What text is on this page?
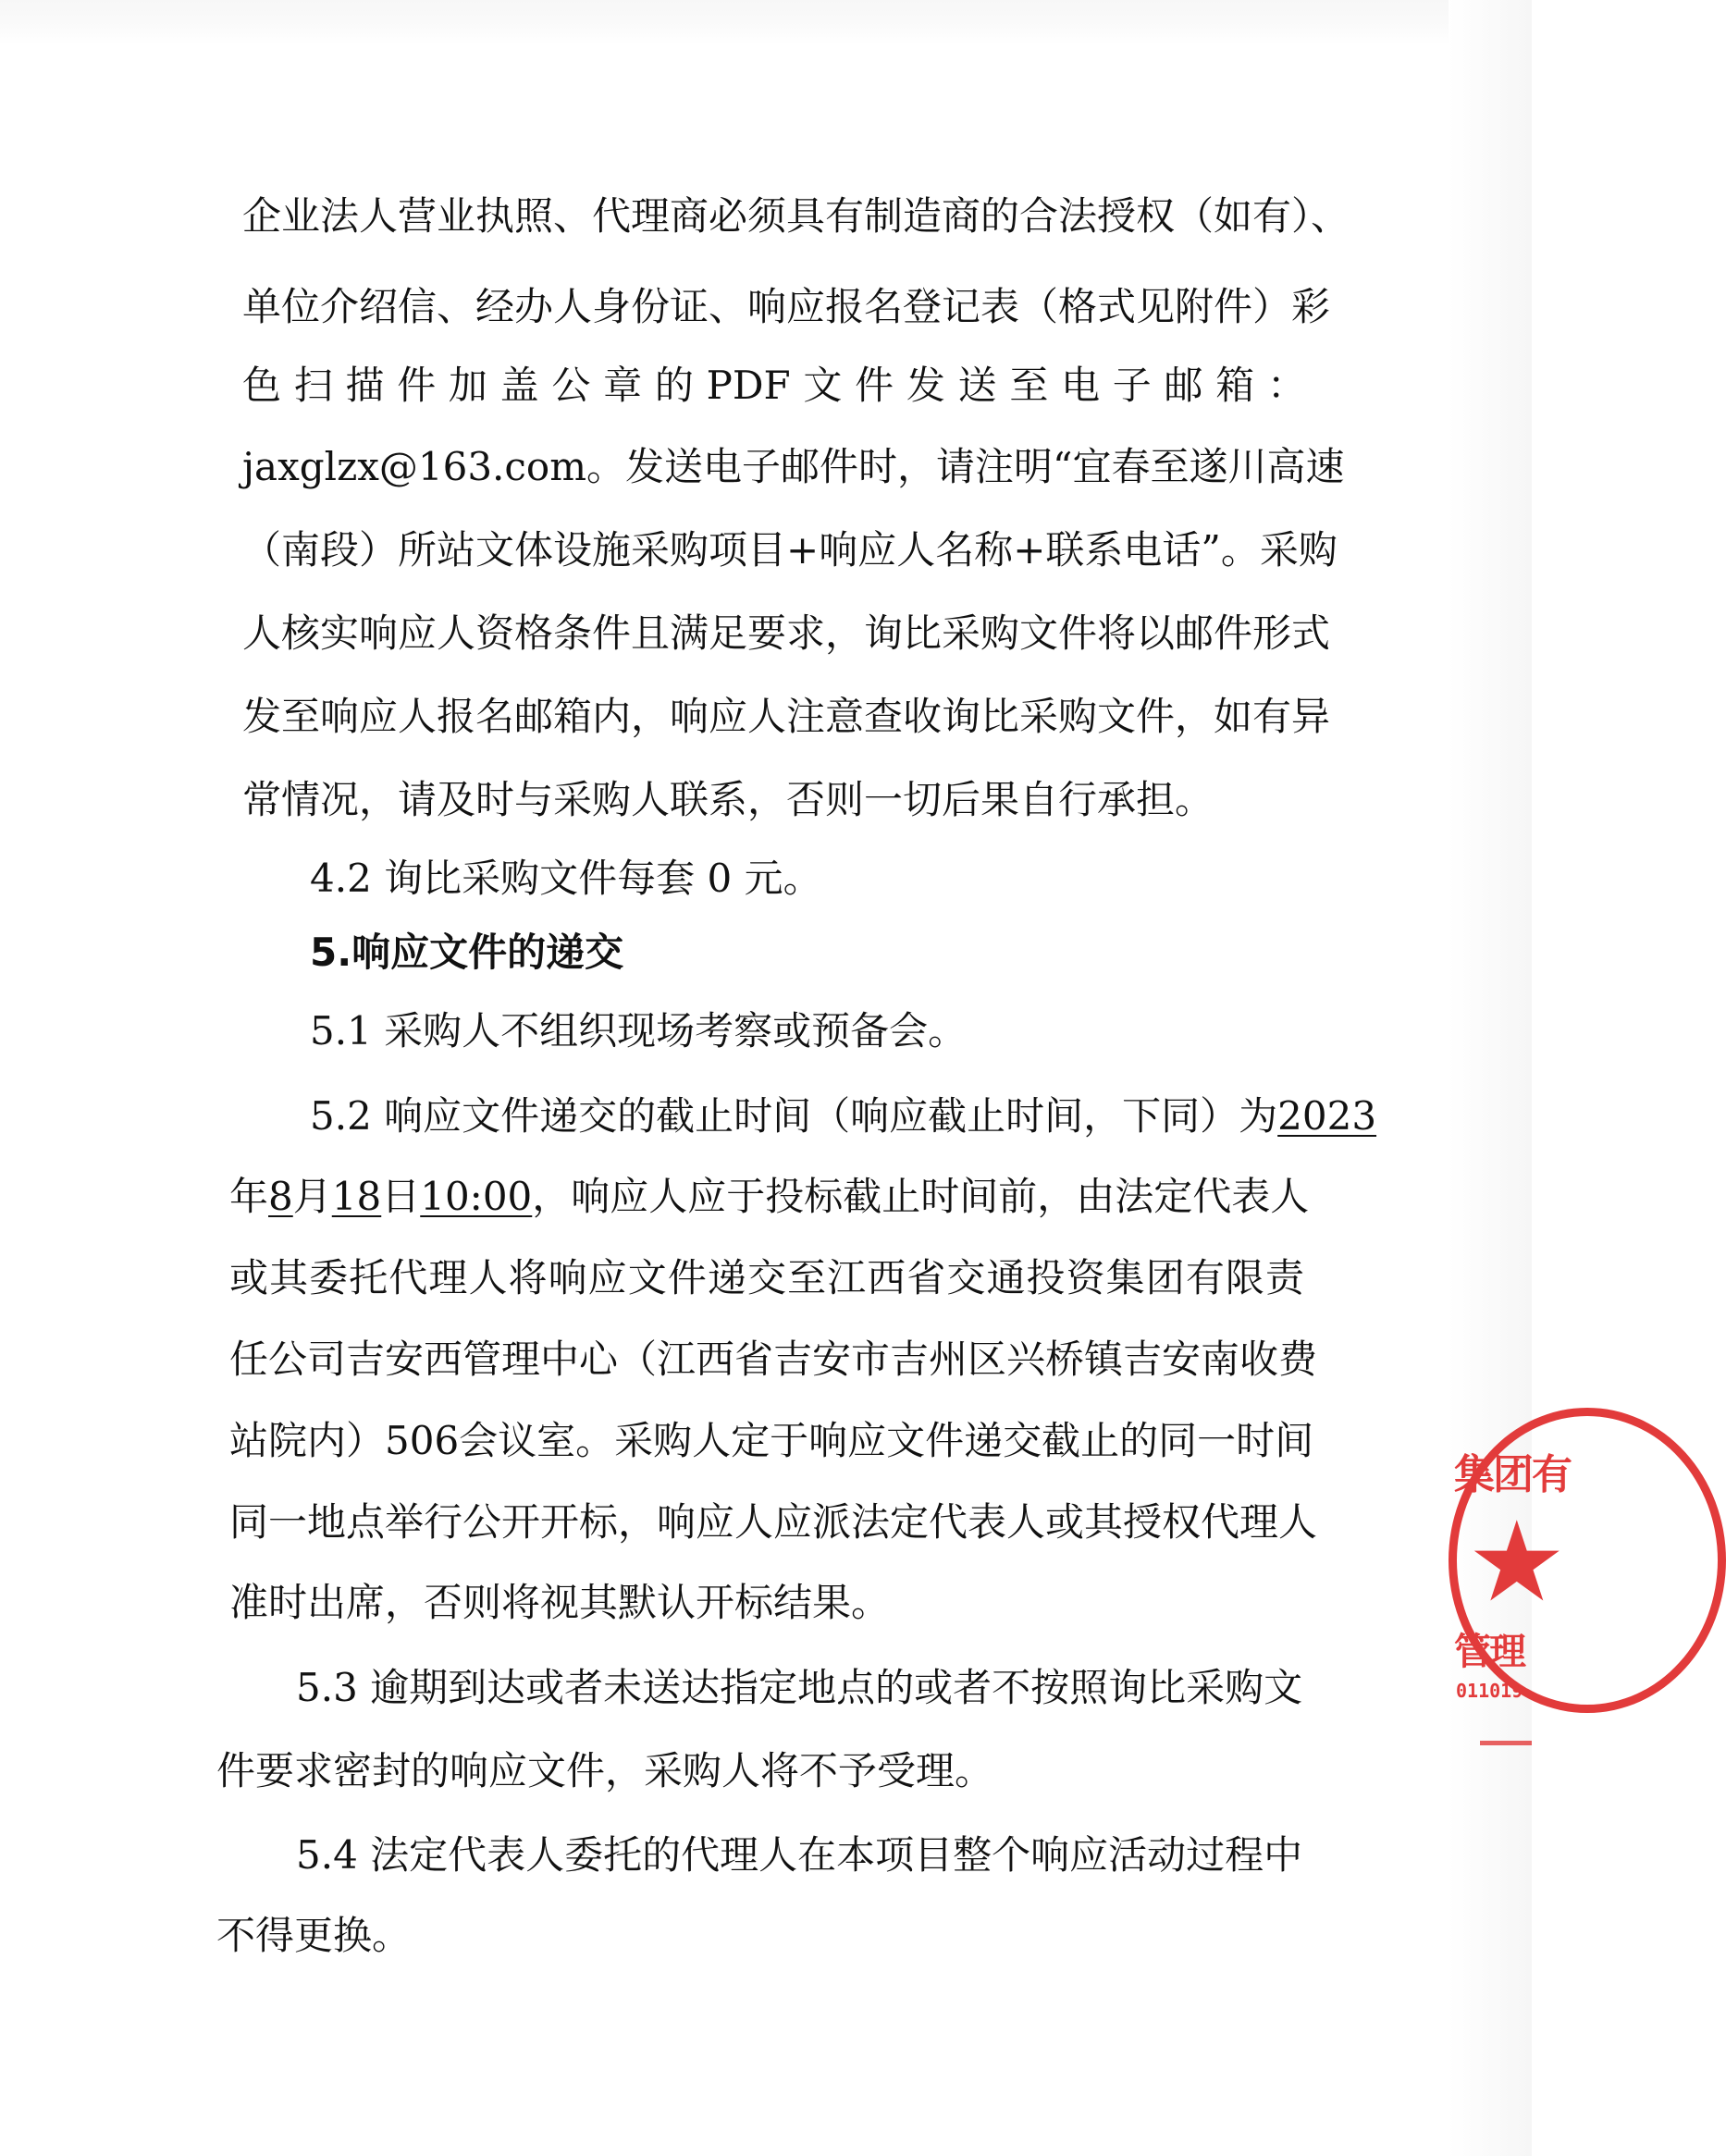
企业法人营业执照、代理商必须具有制造商的合法授权（如有）、
单位介绍信、经办人身份证、响应报名登记表（格式见附件）彩
色扫描件加盖公章的PDF文件发送至电子邮箱：
jaxglzx@163.com。发送电子邮件时，请注明“宜春至遂川高速
（南段）所站文体设施采购项目+响应人名称+联系电话”。采购
人核实响应人资格条件且满足要求，询比采购文件将以邮件形式
发至响应人报名邮箱内，响应人注意查收询比采购文件，如有异
常情况，请及时与采购人联系，否则一切后果自行承担。
4.2 询比采购文件每套 0 元。
5.响应文件的递交
5.1 采购人不组织现场考察或预备会。
5.2 响应文件递交的截止时间（响应截止时间，下同）为2023
年8月18日10:00，响应人应于投标截止时间前，由法定代表人
或其委托代理人将响应文件递交至江西省交通投资集团有限责
任公司吉安西管理中心（江西省吉安市吉州区兴桥镇吉安南收费
站院内）506会议室。采购人定于响应文件递交截止的同一时间
同一地点举行公开开标，响应人应派法定代表人或其授权代理人
准时出席，否则将视其默认开标结果。
5.3 逾期到达或者未送达指定地点的或者不按照询比采购文
件要求密封的响应文件，采购人将不予受理。
5.4 法定代表人委托的代理人在本项目整个响应活动过程中
不得更换。
集团有
★
管理
011019
